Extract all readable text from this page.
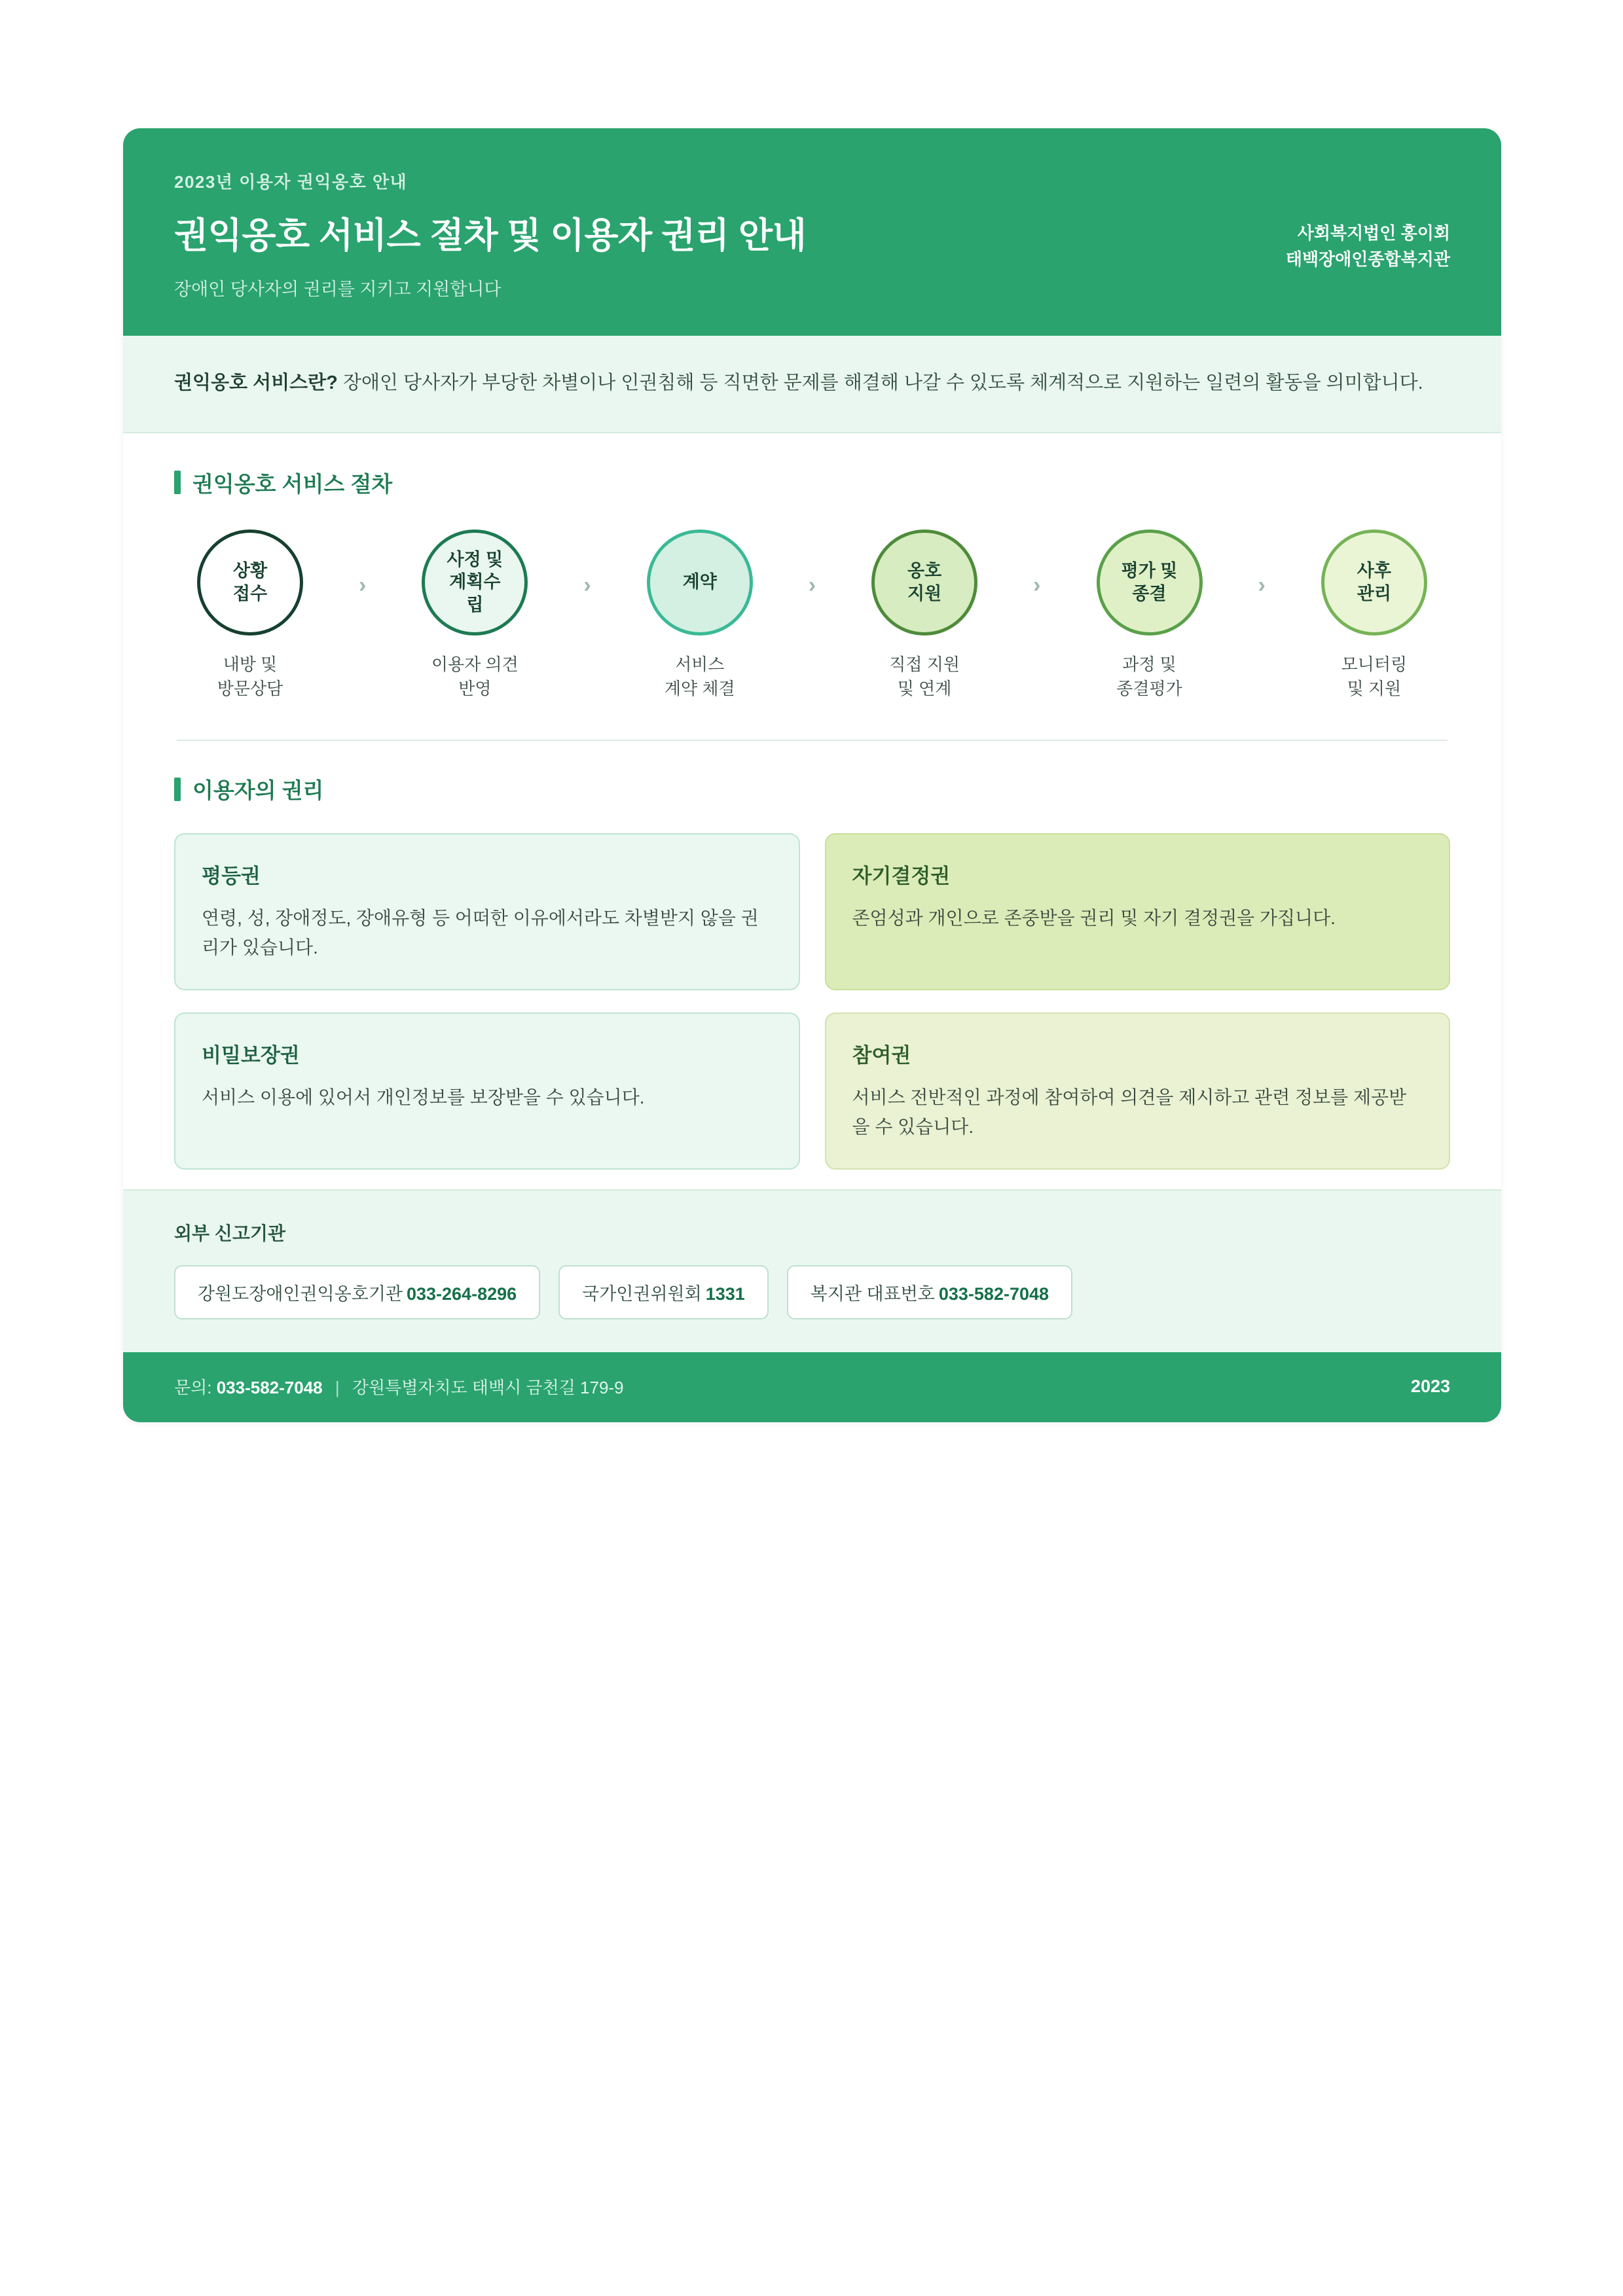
2023년 이용자 권익옹호 안내
권익옹호 서비스 절차 및 이용자 권리 안내
장애인 당사자의 권리를 지키고 지원합니다
사회복지법인 홍이회
태백장애인종합복지관

권익옹호 서비스란? 장애인 당사자가 부당한 차별이나 인권침해 등 직면한 문제를 해결해 나갈 수 있도록 체계적으로 지원하는 일련의 활동을 의미합니다.

권익옹호 서비스 절차
상황
접수
내방 및
방문상담
›
사정 및
계획수
립
이용자 의견
반영
›	계약
서비스
계약 체결
›
옹호
지원
직접 지원
및 연계
›
평가 및
종결
과정 및
종결평가
›
사후
관리
모니터링
및 지원
이용자의 권리
평등권
연령, 성, 장애정도, 장애유형 등 어떠한 이유에서라도 차별받지 않을 권리가 있습니다.
자기결정권
존엄성과 개인으로 존중받을 권리 및 자기 결정권을 가집니다.
비밀보장권
서비스 이용에 있어서 개인정보를 보장받을 수 있습니다.
참여권
서비스 전반적인 과정에 참여하여 의견을 제시하고 관련 정보를 제공받을 수 있습니다.
외부 신고기관
강원도장애인권익옹호기관 033-264-8296	국가인권위원회 1331	복지관 대표번호 033-582-7048
문의: 033-582-7048 | 강원특별자치도 태백시 금천길 179-9	2023
